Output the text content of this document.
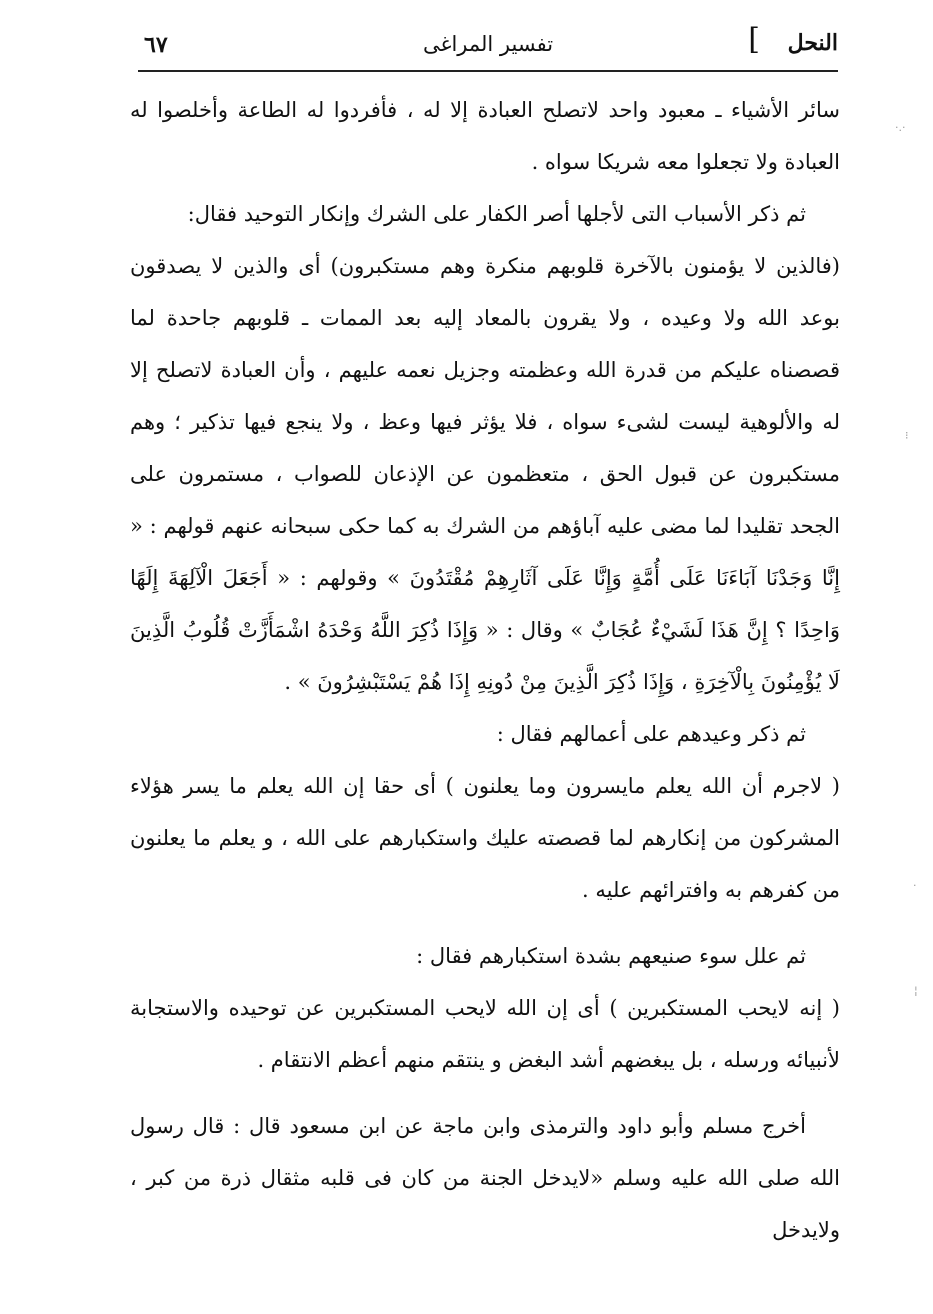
النحل
]
تفسير المراغى
٦٧

سائر الأشياء ـ معبود واحد لاتصلح العبادة إلا له ، فأفردوا له الطاعة وأخلصوا له العبادة ولا تجعلوا معه شريكا سواه .

ثم ذكر الأسباب التى لأجلها أصر الكفار على الشرك وإنكار التوحيد فقال:

(فالذين لا يؤمنون بالآخرة قلوبهم منكرة وهم مستكبرون) أى والذين لا يصدقون بوعد الله ولا وعيده ، ولا يقرون بالمعاد إليه بعد الممات ـ قلوبهم جاحدة لما قصصناه عليكم من قدرة الله وعظمته وجزيل نعمه عليهم ، وأن العبادة لاتصلح إلا له والألوهية ليست لشىء سواه ، فلا يؤثر فيها وعظ ، ولا ينجع فيها تذكير ؛ وهم مستكبرون عن قبول الحق ، متعظمون عن الإذعان للصواب ، مستمرون على الجحد تقليدا لما مضى عليه آباؤهم من الشرك به كما حكى سبحانه عنهم قولهم : « إِنَّا وَجَدْنَا آبَاءَنَا عَلَى أُمَّةٍ وَإِنَّا عَلَى آثَارِهِمْ مُقْتَدُونَ » وقولهم : « أَجَعَلَ الْآلِهَةَ إِلَهًا وَاحِدًا ؟ إِنَّ هَذَا لَشَيْءٌ عُجَابٌ » وقال : « وَإِذَا ذُكِرَ اللَّهُ وَحْدَهُ اشْمَأَزَّتْ قُلُوبُ الَّذِينَ لَا يُؤْمِنُونَ بِالْآخِرَةِ ، وَإِذَا ذُكِرَ الَّذِينَ مِنْ دُونِهِ إِذَا هُمْ يَسْتَبْشِرُونَ » .

ثم ذكر وعيدهم على أعمالهم فقال :

( لاجرم أن الله يعلم مايسرون وما يعلنون ) أى حقا إن الله يعلم ما يسر هؤلاء المشركون من إنكارهم لما قصصته عليك واستكبارهم على الله ، و يعلم ما يعلنون من كفرهم به وافترائهم عليه .

ثم علل سوء صنيعهم بشدة استكبارهم فقال :

( إنه لايحب المستكبرين ) أى إن الله لايحب المستكبرين عن توحيده والاستجابة لأنبيائه ورسله ، بل يبغضهم أشد البغض و ينتقم منهم أعظم الانتقام .

أخرج مسلم وأبو داود والترمذى وابن ماجة عن ابن مسعود قال : قال رسول الله صلى الله عليه وسلم «لايدخل الجنة من كان فى قلبه مثقال ذرة من كبر ، ولايدخل

·.·
⁝
·
¦
